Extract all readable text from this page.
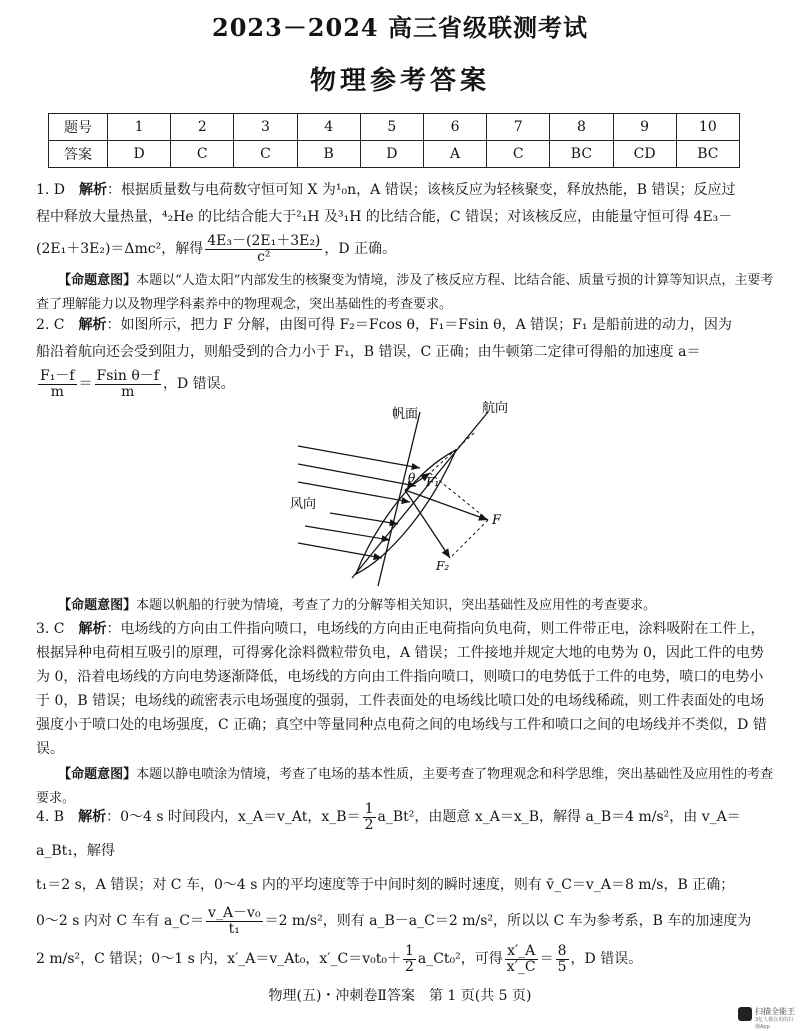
2023－2024 高三省级联测考试
物理参考答案
题号	1	2	3	4	5	6	7	8	9	10
答案	D	C	C	B	D	A	C	BC	CD	BC

1. D　 解析：根据质量数与电荷数守恒可知 X 为¹₀n，A 错误；该核反应为轻核聚变，释放热能，B 错误；反应过

程中释放大量热量，⁴₂He 的比结合能大于²₁H 及³₁H 的比结合能，C 错误；对该核反应，由能量守恒可得 4E₃－

(2E₁＋3E₂)＝Δmc²，解得 $\frac{\text{4E₃－(2E₁＋3E₂)}}{\text{c²}}$ ，D 正确。

【命题意图】本题以“人造太阳”内部发生的核聚变为情境，涉及了核反应方程、比结合能、质量亏损的计算等知识点，主要考查了理解能力以及物理学科素养中的物理观念，突出基础性的考查要求。

2. C　 解析：如图所示，把力 F 分解，由图可得 F₂＝Fcos θ，F₁＝Fsin θ，A 错误；F₁ 是船前进的动力，因为

船沿着航向还会受到阻力，则船受到的合力小于 F₁，B 错误，C 正确；由牛顿第二定律可得船的加速度 a＝

$\frac{\text{F₁－f}}{m} = \frac{\text{Fsin θ－f}}{m}$ ，D 错误。

帆面	航向
风向
θ
F
F₁
F₂

【命题意图】本题以帆船的行驶为情境，考查了力的分解等相关知识，突出基础性及应用性的考查要求。

3. C　 解析：电场线的方向由工件指向喷口，电场线的方向由正电荷指向负电荷，则工件带正电，涂料吸附在工件上，根据异种电荷相互吸引的原理，可得雾化涂料微粒带负电，A 错误；工件接地并规定大地的电势为 0，因此工件的电势为 0，沿着电场线的方向电势逐渐降低，电场线的方向由工件指向喷口，则喷口的电势低于工件的电势，喷口的电势小于 0，B 错误；电场线的疏密表示电场强度的强弱，工件表面处的电场线比喷口处的电场线稀疏，则工件表面处的电场强度小于喷口处的电场强度，C 正确；真空中等量同种点电荷之间的电场线与工件和喷口之间的电场线并不类似，D 错误。

【命题意图】本题以静电喷涂为情境，考查了电场的基本性质，主要考查了物理观念和科学思维，突出基础性及应用性的考查要求。

4. B　 解析：0～4 s 时间段内，x_A＝v_At，x_B＝ $\frac{1}{2}$ a_Bt²，由题意 x_A＝x_B，解得 a_B＝4 m/s²，由 v_A＝a_Bt₁，解得

t₁＝2 s，A 错误；对 C 车，0～4 s 内的平均速度等于中间时刻的瞬时速度，则有 v̄_C＝v_A＝8 m/s，B 正确；

0～2 s 内对 C 车有 a_C＝ $\frac{\text{v\_A－v₀}}{\text{t₁}} =2$ m/s²，则有 a_B－a_C＝2 m/s²，所以以 C 车为参考系，B 车的加速度为

2 m/s²，C 错误；0～1 s 内，x′_A＝v_At₀，x′_C＝v₀t₀＋ $\frac{1}{2}$ a_Ct₀²，可得 $\frac{x'\_A}{x'\_C} = \frac{8}{5}$ ，D 错误。

物理(五)・冲刺卷Ⅱ答案　第 1 页(共 5 页)
扫描全能王
3亿人都在用的扫描App
